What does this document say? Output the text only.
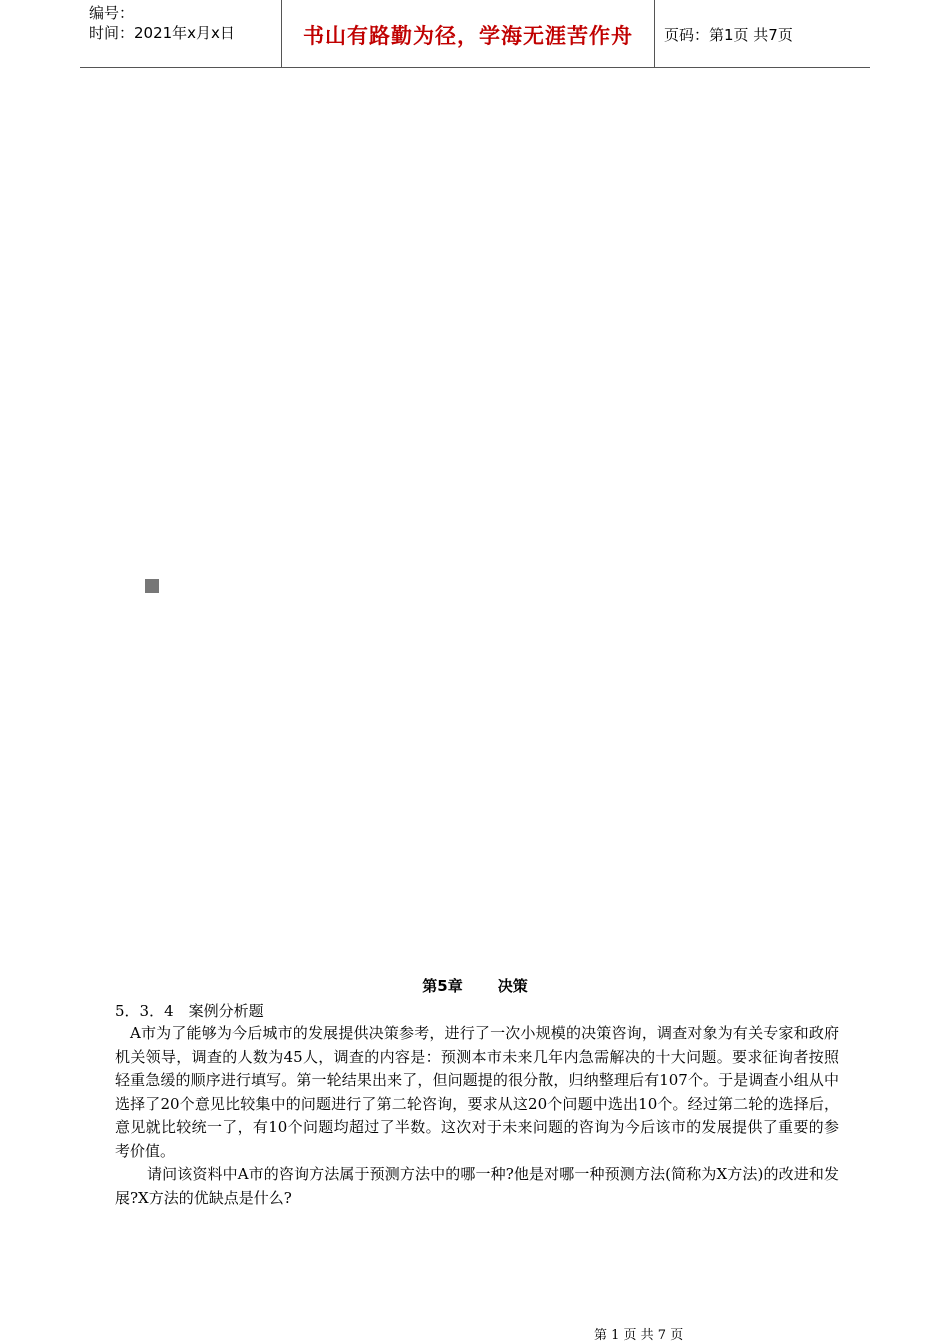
编号：
时间：2021年x月x日	书山有路勤为径，学海无涯苦作舟	页码：第1页 共7页
第5章 决策
5．3．4　案例分析题

A市为了能够为今后城市的发展提供决策参考，进行了一次小规模的决策咨询，调查对象为有关专家和政府机关领导，调查的人数为45人，调查的内容是：预测本市未来几年内急需解决的十大问题。要求征询者按照轻重急缓的顺序进行填写。第一轮结果出来了，但问题提的很分散，归纳整理后有107个。于是调查小组从中选择了20个意见比较集中的问题进行了第二轮咨询，要求从这20个问题中选出10个。经过第二轮的选择后，意见就比较统一了，有10个问题均超过了半数。这次对于未来问题的咨询为今后该市的发展提供了重要的参考价值。

请问该资料中A市的咨询方法属于预测方法中的哪一种?他是对哪一种预测方法(简称为X方法)的改进和发展?X方法的优缺点是什么?

第 1 页 共 7 页
